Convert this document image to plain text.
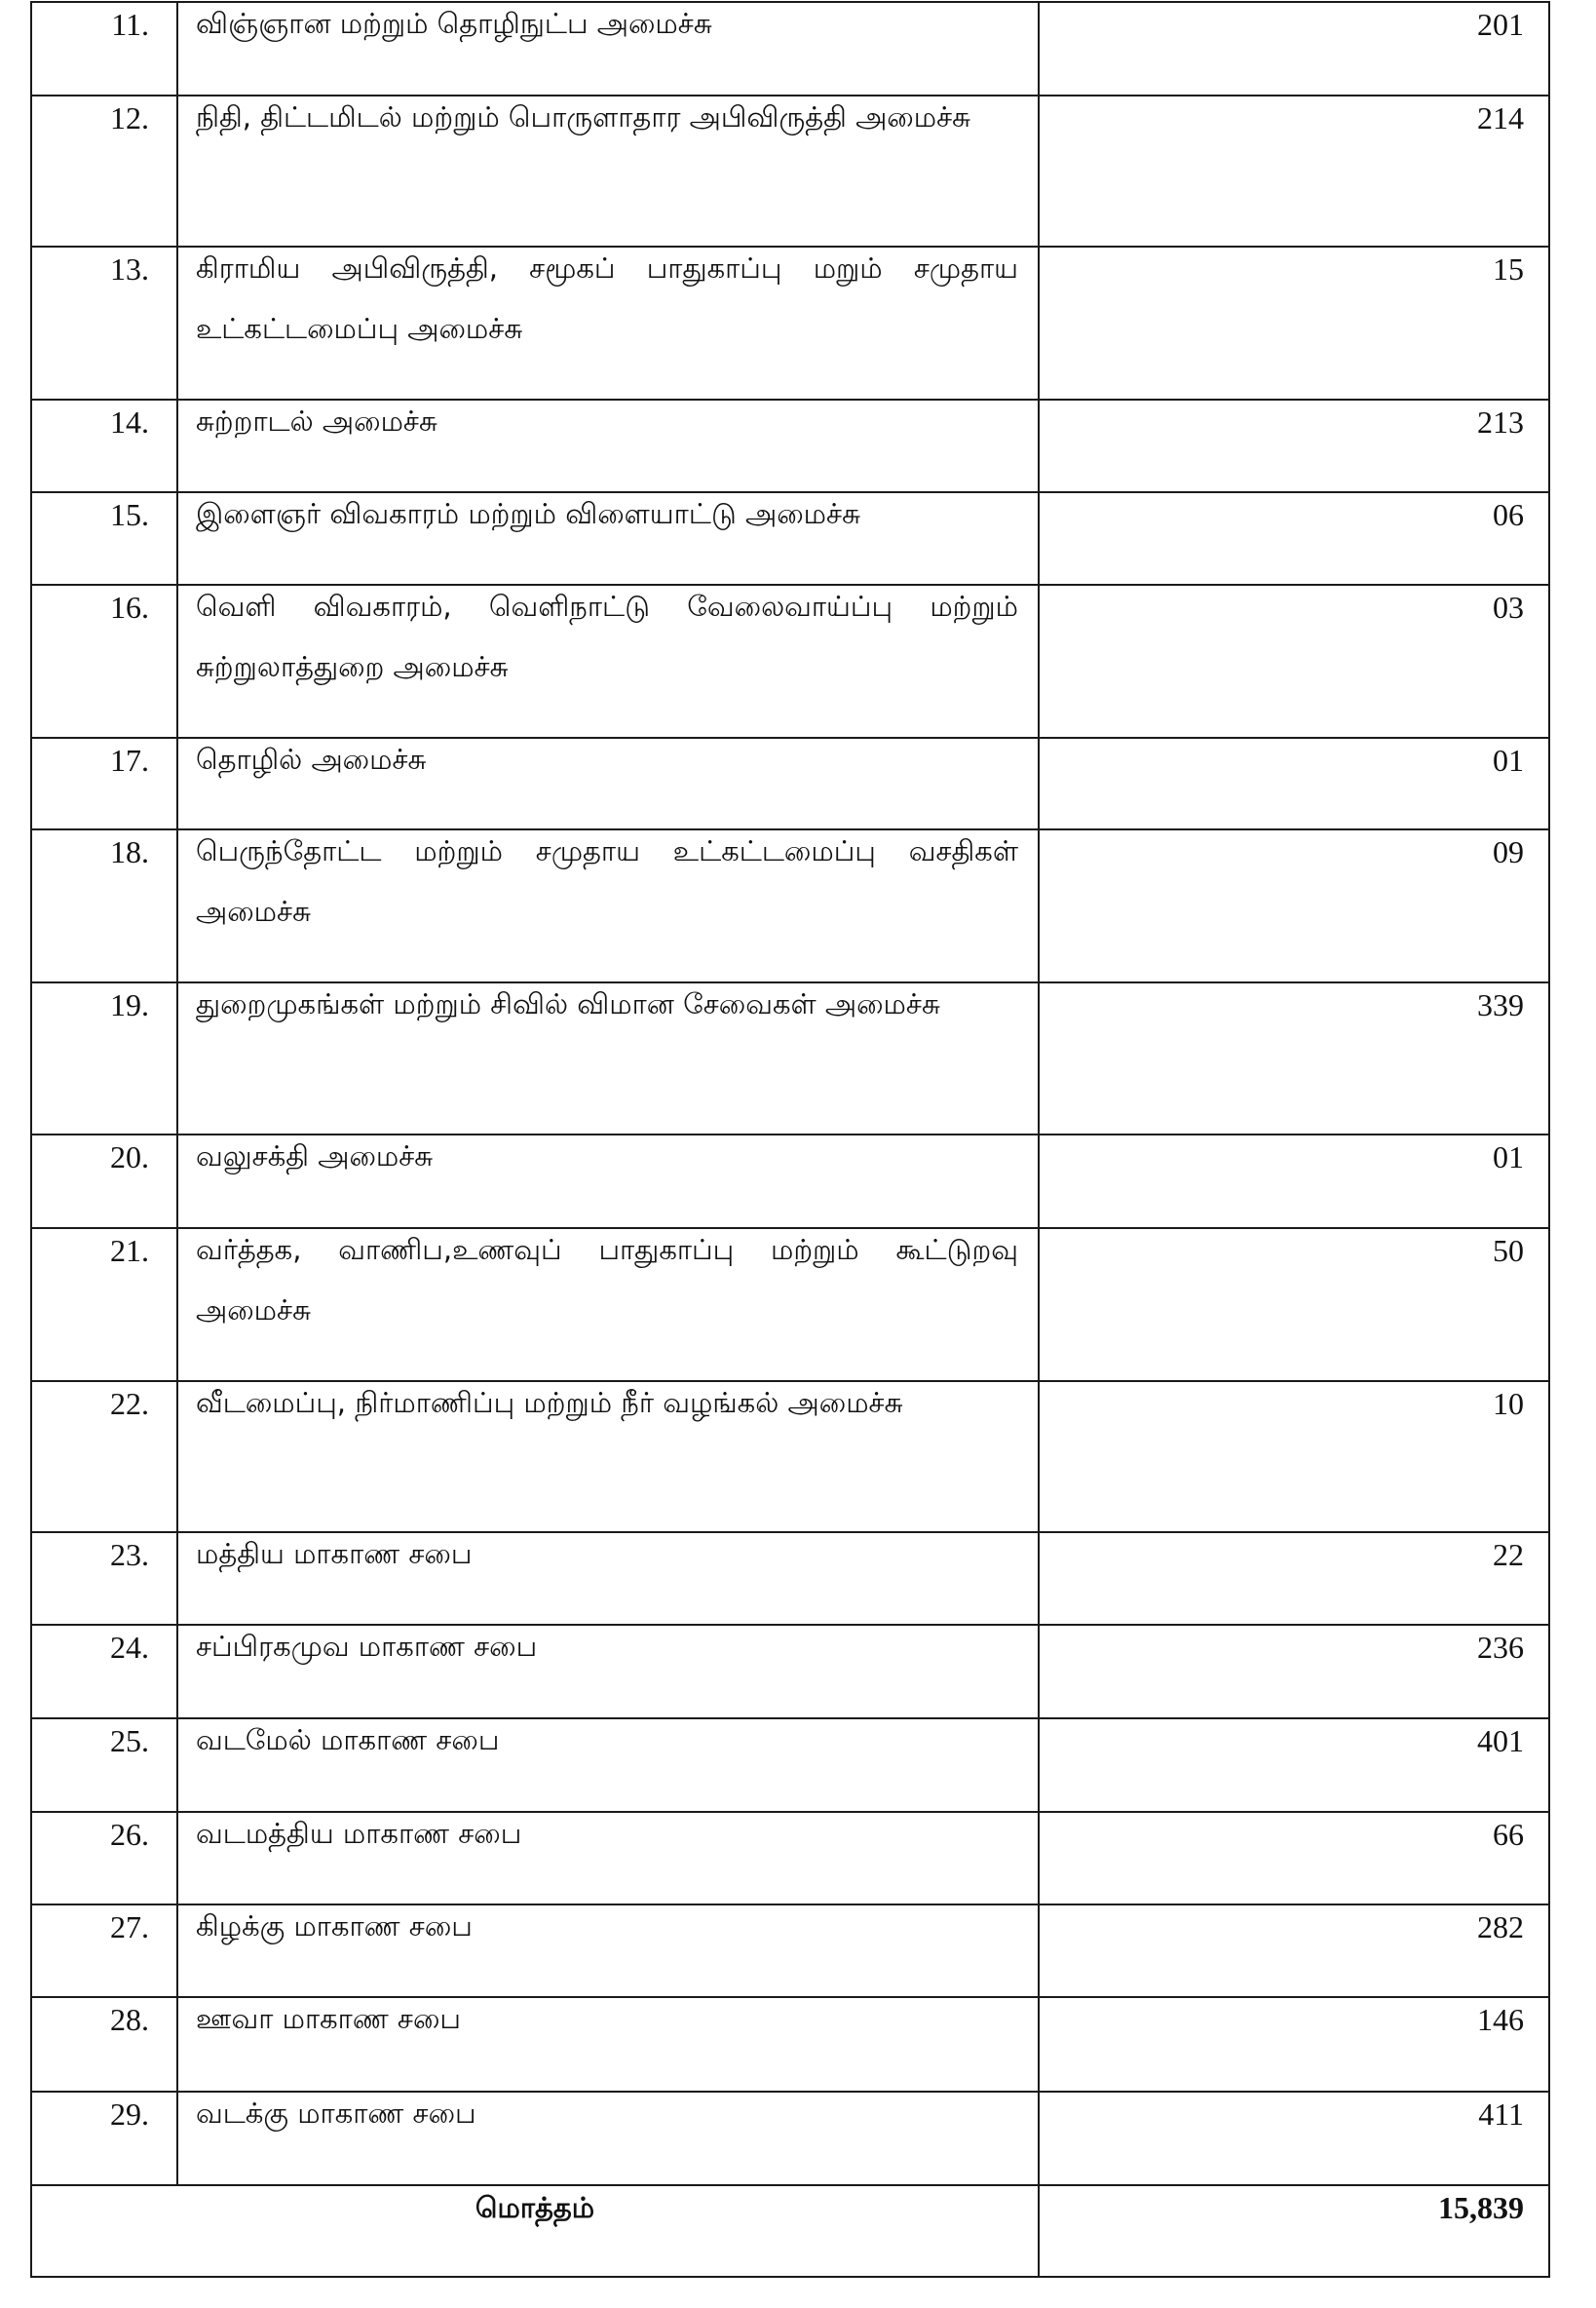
11.	விஞ்ஞான மற்றும் தொழிநுட்ப அமைச்சு	201
12.	நிதி, திட்டமிடல் மற்றும் பொருளாதார அபிவிருத்தி அமைச்சு	214
13.	கிராமிய அபிவிருத்தி, சமூகப் பாதுகாப்பு மறும் சமுதாய உட்கட்டமைப்பு அமைச்சு	15
14.	சுற்றாடல் அமைச்சு	213
15.	இளைஞர் விவகாரம் மற்றும் விளையாட்டு அமைச்சு	06
16.	வெளி விவகாரம், வெளிநாட்டு வேலைவாய்ப்பு மற்றும் சுற்றுலாத்துறை அமைச்சு	03
17.	தொழில் அமைச்சு	01
18.	பெருந்தோட்ட மற்றும் சமுதாய உட்கட்டமைப்பு வசதிகள் அமைச்சு	09
19.	துறைமுகங்கள் மற்றும் சிவில் விமான சேவைகள் அமைச்சு	339
20.	வலுசக்தி அமைச்சு	01
21.	வர்த்தக, வாணிப,உணவுப் பாதுகாப்பு மற்றும் கூட்டுறவு அமைச்சு	50
22.	வீடமைப்பு, நிர்மாணிப்பு மற்றும் நீர் வழங்கல் அமைச்சு	10
23.	மத்திய மாகாண சபை	22
24.	சப்பிரகமுவ மாகாண சபை	236
25.	வடமேல் மாகாண சபை	401
26.	வடமத்திய மாகாண சபை	66
27.	கிழக்கு மாகாண சபை	282
28.	ஊவா மாகாண சபை	146
29.	வடக்கு மாகாண சபை	411
மொத்தம்		15,839
